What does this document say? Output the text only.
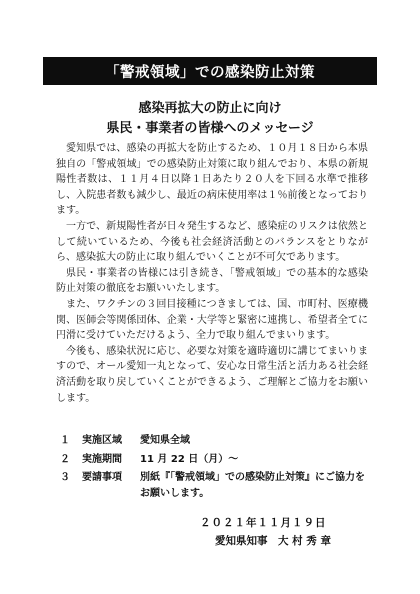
「警戒領域」での感染防止対策
感染再拡大の防止に向け
県民・事業者の皆様へのメッセージ

愛知県では、感染の再拡大を防止するため、１０月１８日から本県独自の「警戒領域」での感染防止対策に取り組んでおり、本県の新規陽性者数は、１１月４日以降１日あたり２０人を下回る水準で推移し、入院患者数も減少し、最近の病床使用率は１％前後となっております。

一方で、新規陽性者が日々発生するなど、感染症のリスクは依然として続いているため、今後も社会経済活動とのバランスをとりながら、感染拡大の防止に取り組んでいくことが不可欠であります。

県民・事業者の皆様には引き続き、「警戒領域」での基本的な感染防止対策の徹底をお願いいたします。

また、ワクチンの３回目接種につきましては、国、市町村、医療機関、医師会等関係団体、企業・大学等と緊密に連携し、希望者全てに円滑に受けていただけるよう、全力で取り組んでまいります。

今後も、感染状況に応じ、必要な対策を適時適切に講じてまいりますので、オール愛知一丸となって、安心な日常生活と活力ある社会経済活動を取り戻していくことができるよう、ご理解とご協力をお願いします。

１	実施区域	愛知県全域
２	実施期間	11 月 22 日（月）～
３	要請事項	別紙『「警戒領域」での感染防止対策』にご協力を
お願いします。
２０２１年１１月１９日
愛知県知事　大 村 秀 章
